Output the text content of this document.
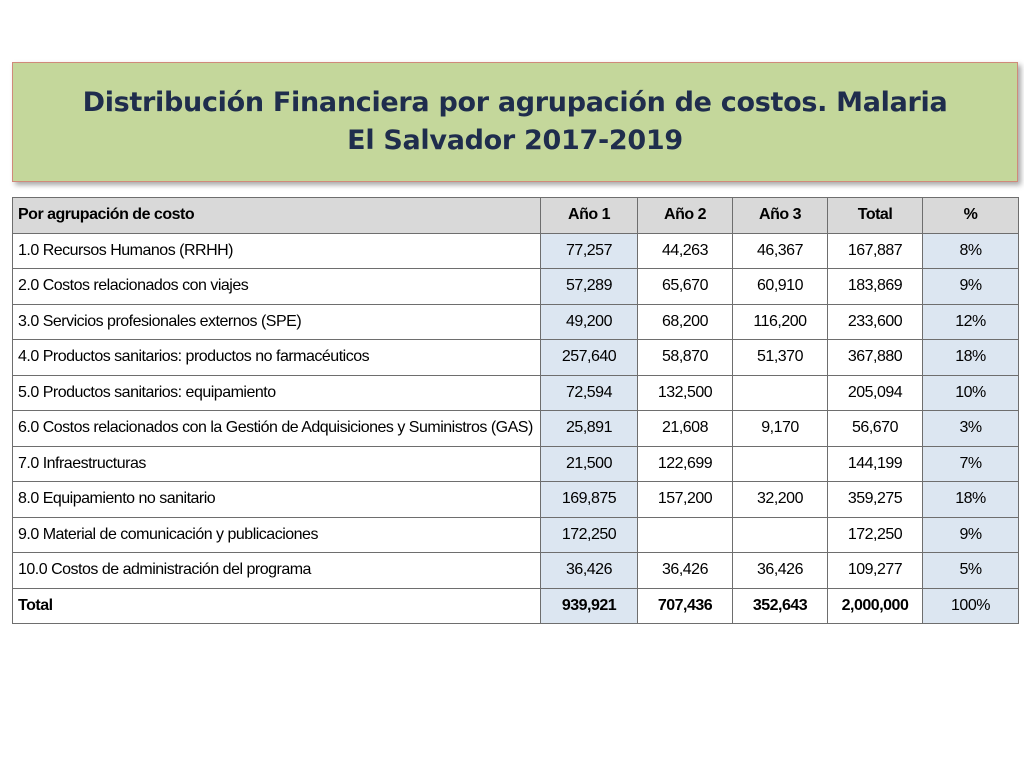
Distribución Financiera por agrupación de costos. Malaria
El Salvador 2017-2019
Por agrupación de costo	Año 1	Año 2	Año 3	Total	%
1.0 Recursos Humanos (RRHH)	77,257	44,263	46,367	167,887	8%
2.0 Costos relacionados con viajes	57,289	65,670	60,910	183,869	9%
3.0 Servicios profesionales externos (SPE)	49,200	68,200	116,200	233,600	12%
4.0 Productos sanitarios: productos no farmacéuticos	257,640	58,870	51,370	367,880	18%
5.0 Productos sanitarios: equipamiento	72,594	132,500		205,094	10%
6.0 Costos relacionados con la Gestión de Adquisiciones y Suministros (GAS)	25,891	21,608	9,170	56,670	3%
7.0 Infraestructuras	21,500	122,699		144,199	7%
8.0 Equipamiento no sanitario	169,875	157,200	32,200	359,275	18%
9.0 Material de comunicación y publicaciones	172,250			172,250	9%
10.0 Costos de administración del programa	36,426	36,426	36,426	109,277	5%
Total	939,921	707,436	352,643	2,000,000	100%
